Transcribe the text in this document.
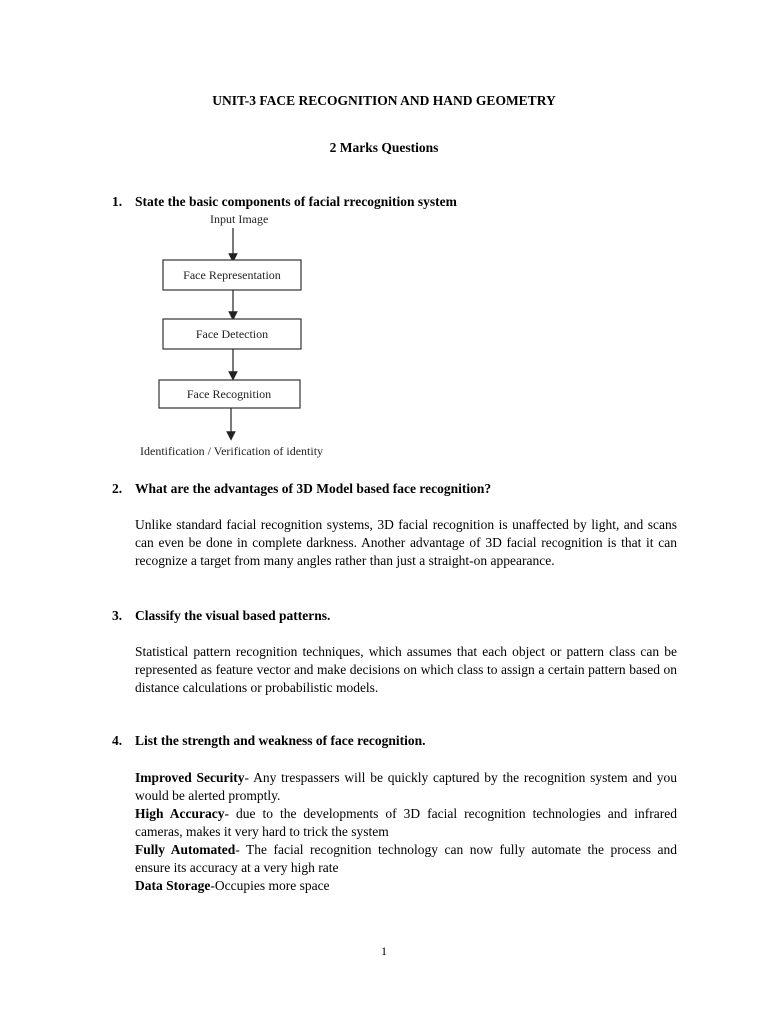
UNIT-3 FACE RECOGNITION AND HAND GEOMETRY
2 Marks Questions
1. State the basic components of facial rrecognition system
Input Image
Face Representation
Face Detection
Face Recognition
Identification / Verification of identity
2. What are the advantages of 3D Model based face recognition?

Unlike standard facial recognition systems, 3D facial recognition is unaffected by light, and scans can even be done in complete darkness. Another advantage of 3D facial recognition is that it can recognize a target from many angles rather than just a straight-on appearance.

3. Classify the visual based patterns.

Statistical pattern recognition techniques, which assumes that each object or pattern class can be represented as feature vector and make decisions on which class to assign a certain pattern based on distance calculations or probabilistic models.

4. List the strength and weakness of face recognition.

Improved Security- Any trespassers will be quickly captured by the recognition system and you would be alerted promptly.

High Accuracy- due to the developments of 3D facial recognition technologies and infrared cameras, makes it very hard to trick the system

Fully Automated- The facial recognition technology can now fully automate the process and ensure its accuracy at a very high rate

Data Storage-Occupies more space

1
